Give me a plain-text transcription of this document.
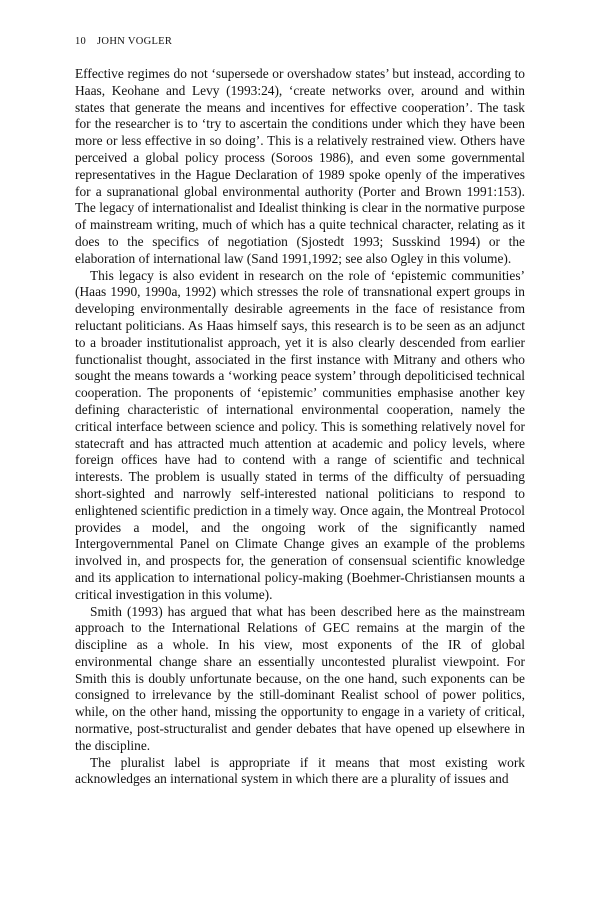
10 JOHN VOGLER

Effective regimes do not ‘supersede or overshadow states’ but instead, according to Haas, Keohane and Levy (1993:24), ‘create networks over, around and within states that generate the means and incentives for effective cooperation’. The task for the researcher is to ‘try to ascertain the conditions under which they have been more or less effective in so doing’. This is a relatively restrained view. Others have perceived a global policy process (Soroos 1986), and even some governmental representatives in the Hague Declaration of 1989 spoke openly of the imperatives for a supranational global environmental authority (Porter and Brown 1991:153). The legacy of internationalist and Idealist thinking is clear in the normative purpose of mainstream writing, much of which has a quite technical character, relating as it does to the specifics of negotiation (Sjostedt 1993; Susskind 1994) or the elaboration of international law (Sand 1991,1992; see also Ogley in this volume).

This legacy is also evident in research on the role of ‘epistemic communities’ (Haas 1990, 1990a, 1992) which stresses the role of transnational expert groups in developing environmentally desirable agreements in the face of resistance from reluctant politicians. As Haas himself says, this research is to be seen as an adjunct to a broader institutionalist approach, yet it is also clearly descended from earlier functionalist thought, associated in the first instance with Mitrany and others who sought the means towards a ‘working peace system’ through depoliticised technical cooperation. The proponents of ‘epistemic’ communities emphasise another key defining characteristic of international environmental cooperation, namely the critical interface between science and policy. This is something relatively novel for statecraft and has attracted much attention at academic and policy levels, where foreign offices have had to contend with a range of scientific and technical interests. The problem is usually stated in terms of the difficulty of persuading short-sighted and narrowly self-interested national politicians to respond to enlightened scientific prediction in a timely way. Once again, the Montreal Protocol provides a model, and the ongoing work of the significantly named Intergovernmental Panel on Climate Change gives an example of the problems involved in, and prospects for, the generation of consensual scientific knowledge and its application to international policy-making (Boehmer-Christiansen mounts a critical investigation in this volume).

Smith (1993) has argued that what has been described here as the mainstream approach to the International Relations of GEC remains at the margin of the discipline as a whole. In his view, most exponents of the IR of global environmental change share an essentially uncontested pluralist viewpoint. For Smith this is doubly unfortunate because, on the one hand, such exponents can be consigned to irrelevance by the still-dominant Realist school of power politics, while, on the other hand, missing the opportunity to engage in a variety of critical, normative, post-structuralist and gender debates that have opened up elsewhere in the discipline.

The pluralist label is appropriate if it means that most existing work acknowledges an international system in which there are a plurality of issues and
